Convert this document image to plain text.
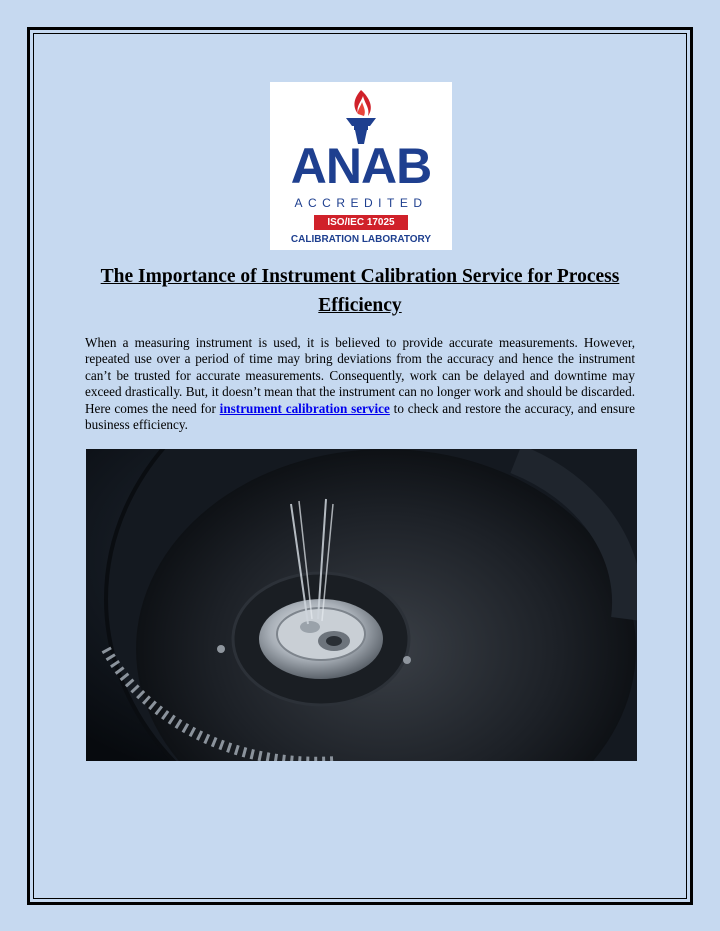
ANAB
ACCREDITED
ISO/IEC 17025
CALIBRATION LABORATORY
The Importance of Instrument Calibration Service for Process Efficiency

When a measuring instrument is used, it is believed to provide accurate measurements. However, repeated use over a period of time may bring deviations from the accuracy and hence the instrument can’t be trusted for accurate measurements. Consequently, work can be delayed and downtime may exceed drastically. But, it doesn’t mean that the instrument can no longer work and should be discarded. Here comes the need for instrument calibration service to check and restore the accuracy, and ensure business efficiency.
